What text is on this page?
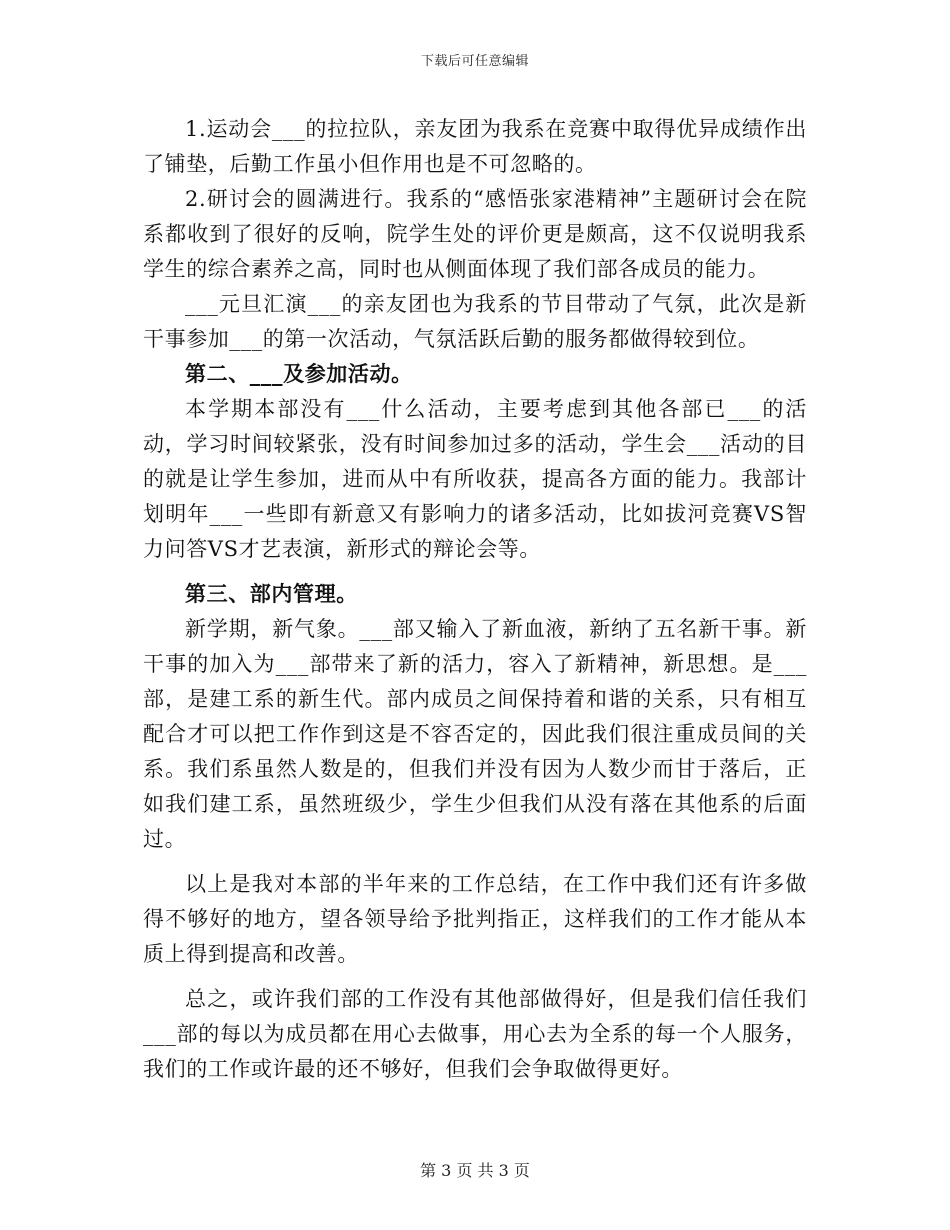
下载后可任意编辑

1.运动会___的拉拉队，亲友团为我系在竞赛中取得优异成绩作出了铺垫，后勤工作虽小但作用也是不可忽略的。

2.研讨会的圆满进行。我系的“感悟张家港精神”主题研讨会在院系都收到了很好的反响，院学生处的评价更是颇高，这不仅说明我系学生的综合素养之高，同时也从侧面体现了我们部各成员的能力。

___元旦汇演___的亲友团也为我系的节目带动了气氛，此次是新干事参加___的第一次活动，气氛活跃后勤的服务都做得较到位。

第二、___及参加活动。

本学期本部没有___什么活动，主要考虑到其他各部已___的活动，学习时间较紧张，没有时间参加过多的活动，学生会___活动的目的就是让学生参加，进而从中有所收获，提高各方面的能力。我部计划明年___一些即有新意又有影响力的诸多活动，比如拔河竞赛VS智力问答VS才艺表演，新形式的辩论会等。

第三、部内管理。

新学期，新气象。___部又输入了新血液，新纳了五名新干事。新干事的加入为___部带来了新的活力，容入了新精神，新思想。是___部，是建工系的新生代。部内成员之间保持着和谐的关系，只有相互配合才可以把工作作到这是不容否定的，因此我们很注重成员间的关系。我们系虽然人数是的，但我们并没有因为人数少而甘于落后，正如我们建工系，虽然班级少，学生少但我们从没有落在其他系的后面过。

以上是我对本部的半年来的工作总结，在工作中我们还有许多做得不够好的地方，望各领导给予批判指正，这样我们的工作才能从本质上得到提高和改善。

总之，或许我们部的工作没有其他部做得好，但是我们信任我们___部的每以为成员都在用心去做事，用心去为全系的每一个人服务，我们的工作或许最的还不够好，但我们会争取做得更好。

第 3 页 共 3 页
